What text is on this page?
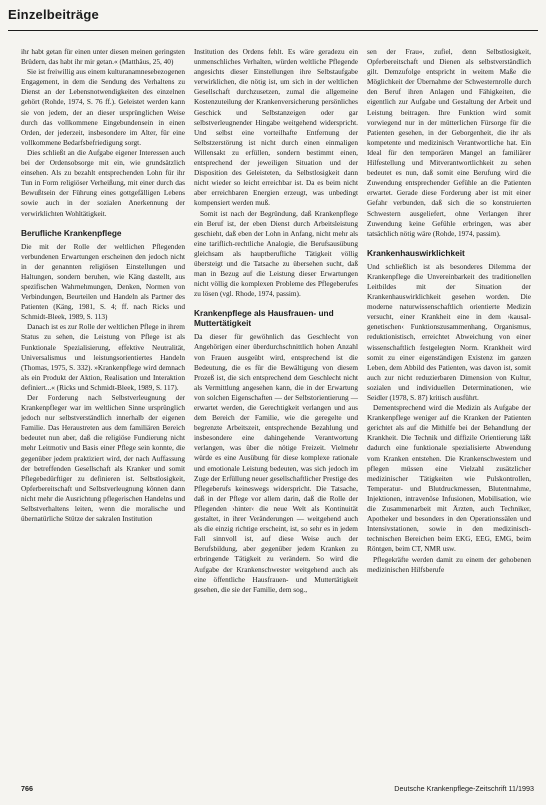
Einzelbeiträge

ihr habt getan für einen unter diesen meinen geringsten Brüdern, das habt ihr mir getan.« (Matthäus, 25, 40)

Sie ist freiwillig aus einem kulturanamnesebezogenen Engagement, in dem die Sendung des Verhaltens zu Dienst an der Lebensnotwendigkeiten des einzelnen gehört (Rohde, 1974, S. 76 ff.). Geleistet werden kann sie von jedem, der an dieser ursprünglichen Weise durch das vollkommene Eingebundensein in einen Orden, der jederzeit, insbesondere im Alter, für eine vollkommene Bedarfsbefriedigung sorgt.

Dies schließt an die Aufgabe eigener Interessen auch bei der Ordensobsorge mit ein, wie grundsätzlich einsehen. Als zu bezahlt entsprechenden Lohn für ihr Tun in Form religiöser Verheißung, mit einer durch das Bewußtsein der Führung eines gottgefälligen Lebens sowie auch in der sozialen Anerkennung der verwirklichten Wohltätigkeit.

Berufliche Krankenpflege

Die mit der Rolle der weltlichen Pflegenden verbundenen Erwartungen erscheinen den jedoch nicht in der genannten religiösen Einstellungen und Haltungen, sondern beruhen, wie Käng dastellt, aus spezifischen Wahrnehmungen, Denken, Normen von Verbindungen, Beurteilen und Handeln als Partner des Patienten (Käng, 1981, S. 4; ff. nach Ricks und Schmidt-Bleek, 1989, S. 113)

Danach ist es zur Rolle der weltlichen Pflege in ihrem Status zu sehen, die Leistung von Pflege ist als Funktionale Spezialisierung, effektive Neutralität, Universalismus und leistungsorientiertes Handeln (Thomas, 1975, S. 332). »Krankenpflege wird demnach als ein Produkt der Aktion, Realisation und Interaktion definiert...« (Ricks und Schmidt-Bleek, 1989, S. 117).

Der Forderung nach Selbstverleugnung der Krankenpfleger war im weltlichen Sinne ursprünglich jedoch nur selbstverständlich innerhalb der eigenen Familie. Das Heraustreten aus dem familiären Bereich bedeutet nun aber, daß die religiöse Fundierung nicht mehr Leitmotiv und Basis einer Pflege sein konnte, die gegenüber jedem praktiziert wird, der nach Auffassung der betreffenden Gesellschaft als Kranker und somit Pflegebedürftiger zu definieren ist. Selbstlosigkeit, Opferbereitschaft und Selbstverleugnung können dann nicht mehr die Ausrichtung pflegerischen Handelns und Selbstverhaltens leiten, wenn die moralische und übernatürliche Stütze der sakralen Institution

Institution des Ordens fehlt. Es wäre geradezu ein unmenschliches Verhalten, würden weltliche Pflegende angesichts dieser Einstellungen ihre Selbstaufgabe verwirklichen, die nötig ist, um sich in der weltlichen Gesellschaft durchzusetzen, zumal die allgemeine Kostenzuteilung der Krankenversicherung persönliches Geschick und Selbstanzeigen oder gar selbstverleugnender Hingabe weitgehend widerspricht. Und selbst eine vorteilhafte Entfernung der Selbstzerstörung ist nicht durch einen einmaligen Willensakt zu erfüllen, sondern bestimmt einen, entsprechend der jeweiligen Situation und der Disposition des Geleisteten, da Selbstlosigkeit dann nicht wieder so leicht erreichbar ist. Da es beim nicht aber erreichbaren Energien erzeugt, was unbedingt kompensiert werden muß.

Somit ist nach der Begründung, daß Krankenpflege ein Beruf ist, der eben Dienst durch Arbeitsleistung geschieht, daß eben der Lohn in Anfang, nicht mehr als eine tariflich-rechtliche Analogie, die Berufsausübung gleichsam als hauptberufliche Tätigkeit völlig übersteigt und die Tatsache zu übersehen sucht, daß man in Bezug auf die Leistung dieser Erwartungen nicht völlig die komplexen Probleme des Pflegeberufes zu lösen (vgl. Rhode, 1974, passim).

Krankenpflege als Hausfrauen- und Muttertätigkeit

Da dieser für gewöhnlich das Geschlecht von Angehörigen einer überdurchschnittlich hohen Anzahl von Frauen ausgeübt wird, entsprechend ist die Bedeutung, die es für die Bewältigung von diesem Prozeß ist, die sich entsprechend dem Geschlecht nicht als Vermittlung angesehen kann, die in der Erwartung von solchen Eigenschaften — der Selbstorientierung — erwartet werden, die Gerechtigkeit verlangen und aus dem Bereich der Familie, wie die geregelte und begrenzte Arbeitszeit, entsprechende Bezahlung und insbesondere eine dahingehende Verantwortung verlangen, was über die nötige Freizeit. Vielmehr würde es eine Ausübung für diese komplexe rationale und emotionale Leistung bedeuten, was sich jedoch im Zuge der Erfüllung neuer gesellschaftlicher Prestige des Pflegeberufs keineswegs widerspricht. Die Tatsache, daß in der Pflege vor allem darin, daß die Rolle der Pflegenden ›hinter‹ die neue Welt als Kontinuität gestaltet, in ihrer Veränderungen — weitgehend auch als die einzig richtige erscheint, ist, so sehr es in jedem Fall sinnvoll ist, auf diese Weise auch der Berufsbildung, aber gegenüber jedem Kranken zu erbringende Tätigkeit zu verändern. So wird die Aufgabe der Krankenschwester weitgehend auch als eine öffentliche Hausfrauen- und Muttertätigkeit gesehen, die sie der Familie, dem sog.,

sen der Frau«, zufiel, denn Selbstlosigkeit, Opferbereitschaft und Dienen als selbstverständlich gilt. Demzufolge entspricht in weitem Maße die Möglichkeit der Übernahme der Schwesternrolle durch den Beruf ihren Anlagen und Fähigkeiten, die eigentlich zur Aufgabe und Gestaltung der Arbeit und Leistung beitragen. Ihre Funktion wird somit vorwiegend nur in der mütterlichen Fürsorge für die Patienten gesehen, in der Geborgenheit, die ihr als kompetente und medizinisch Verantwortliche hat. Ein Ideal für den temporären Mangel an familiärer Hilfestellung und Mitverantwortlichkeit zu sehen bedeutet es nun, daß somit eine Berufung wird die Zuwendung entsprechender Gefühle an die Patienten erwartet. Gerade diese Forderung aber ist mit einer Gefahr verbunden, daß sich die so konstruierten Schwestern ausgeliefert, ohne Verlangen ihrer Zuwendung keine Gefühle erbringen, was aber tatsächlich nötig wäre (Rohde, 1974, passim).

Krankenhauswirklichkeit

Und schließlich ist als besonderes Dilemma der Krankenpflege die Unvereinbarkeit des traditionellen Leitbildes mit der Situation der Krankenhauswirklichkeit gesehen worden. Die moderne naturwissenschaftlich orientierte Medizin versucht, einer Krankheit eine in dem ›kausal-genetischen‹ Funktionszusammenhang, Organismus, reduktionistisch, erreichtet Abweichung von einer wissenschaftlich festgelegten Norm. Krankheit wird somit zu einer eigenständigen Existenz im ganzen Leben, dem Abbild des Patienten, was davon ist, somit auch zur nicht reduzierbaren Dimension von Kultur, sozialen und individuellen Determinationen, wie Seidler (1978, S. 87) kritisch ausführt.

Dementsprechend wird die Medizin als Aufgabe der Krankenpflege weniger auf die Kranken der Patienten gerichtet als auf die Mithilfe bei der Behandlung der Krankheit. Die Technik und diffizile Orientierung läßt dadurch eine funktionale spezialisierte Abwendung vom Kranken entstehen. Die Krankenschwestern und pflegen müssen eine Vielzahl zusätzlicher medizinischer Tätigkeiten wie Pulskontrollen, Temperatur- und Blutdruckmessen, Blutentnahme, Injektionen, intravenöse Infusionen, Mobilisation, wie die Zusammenarbeit mit Ärzten, auch Techniker, Apotheker und besonders in den Operationssälen und Intensivstationen, sowie in den medizinisch-technischen Bereichen beim EKG, EEG, EMG, beim Röntgen, beim CT, NMR usw.

Pflegekräfte werden damit zu einem der gehobenen medizinischen Hilfsberufe

766	Deutsche Krankenpflege-Zeitschrift 11/1993
